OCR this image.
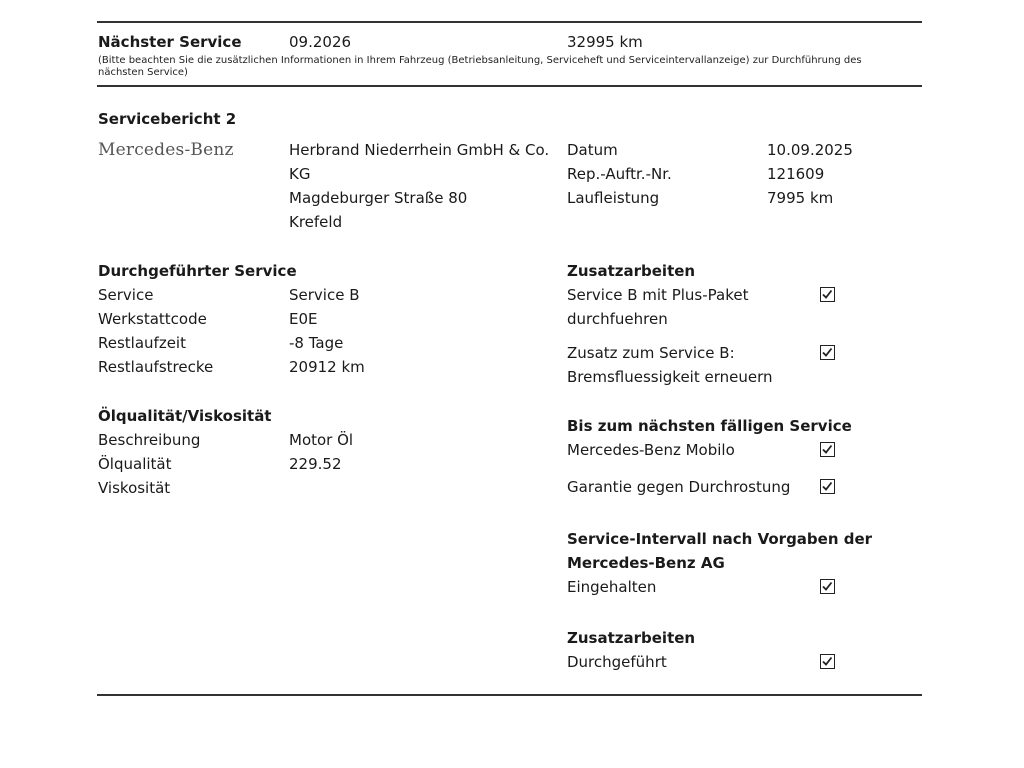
Nächster Service	09.2026	32995 km
(Bitte beachten Sie die zusätzlichen Informationen in Ihrem Fahrzeug (Betriebsanleitung, Serviceheft und Serviceintervallanzeige) zur Durchführung des nächsten Service)
Servicebericht 2
Mercedes-Benz	Herbrand Niederrhein GmbH & Co.
KG
Magdeburger Straße 80
Krefeld
Datum	10.09.2025
Rep.-Auftr.-Nr.	121609
Laufleistung	7995 km
Durchgeführter Service
Service	Service B
Werkstattcode	E0E
Restlaufzeit	-8 Tage
Restlaufstrecke	20912 km
Ölqualität/Viskosität
Beschreibung	Motor Öl
Ölqualität	229.52
Viskosität
Zusatzarbeiten
Service B mit Plus-Paket
durchfuehren
Zusatz zum Service B:
Bremsfluessigkeit erneuern
Bis zum nächsten fälligen Service
Mercedes-Benz Mobilo
Garantie gegen Durchrostung
Service-Intervall nach Vorgaben der
Mercedes-Benz AG
Eingehalten
Zusatzarbeiten
Durchgeführt
